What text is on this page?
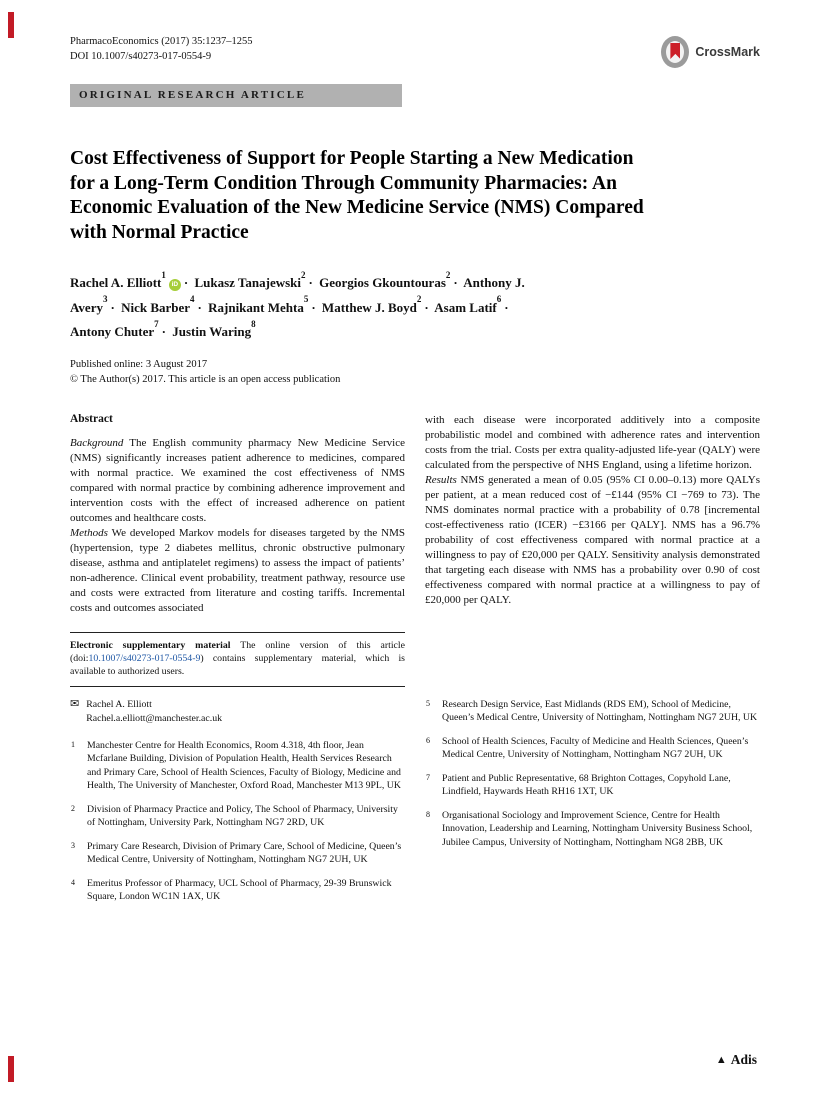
PharmacoEconomics (2017) 35:1237–1255
DOI 10.1007/s40273-017-0554-9	CrossMark
ORIGINAL RESEARCH ARTICLE
Cost Effectiveness of Support for People Starting a New Medication for a Long-Term Condition Through Community Pharmacies: An Economic Evaluation of the New Medicine Service (NMS) Compared with Normal Practice
Rachel A. Elliott$^1$iD · Lukasz Tanajewski$^2$· Georgios Gkountouras$^2$· Anthony J. Avery$^3$· Nick Barber$^4$· Rajnikant Mehta$^5$· Matthew J. Boyd$^2$· Asam Latif$^6$· Antony Chuter$^7$· Justin Waring$^8$
Published online: 3 August 2017
© The Author(s) 2017. This article is an open access publication
Abstract

Background The English community pharmacy New Medicine Service (NMS) significantly increases patient adherence to medicines, compared with normal practice. We examined the cost effectiveness of NMS compared with normal practice by combining adherence improvement and intervention costs with the effect of increased adherence on patient outcomes and healthcare costs.

Methods We developed Markov models for diseases targeted by the NMS (hypertension, type 2 diabetes mellitus, chronic obstructive pulmonary disease, asthma and antiplatelet regimens) to assess the impact of patients’ non-adherence. Clinical event probability, treatment pathway, resource use and costs were extracted from literature and costing tariffs. Incremental costs and outcomes associated

with each disease were incorporated additively into a composite probabilistic model and combined with adherence rates and intervention costs from the trial. Costs per extra quality-adjusted life-year (QALY) were calculated from the perspective of NHS England, using a lifetime horizon.

Results NMS generated a mean of 0.05 (95% CI 0.00–0.13) more QALYs per patient, at a mean reduced cost of −£144 (95% CI −769 to 73). The NMS dominates normal practice with a probability of 0.78 [incremental cost-effectiveness ratio (ICER) −£3166 per QALY]. NMS has a 96.7% probability of cost effectiveness compared with normal practice at a willingness to pay of £20,000 per QALY. Sensitivity analysis demonstrated that targeting each disease with NMS has a probability over 0.90 of cost effectiveness compared with normal practice at a willingness to pay of £20,000 per QALY.

Electronic supplementary material The online version of this article (doi:10.1007/s40273-017-0554-9) contains supplementary material, which is available to authorized users.
✉ Rachel A. Elliott
Rachel.a.elliott@manchester.ac.uk
1	Manchester Centre for Health Economics, Room 4.318, 4th floor, Jean Mcfarlane Building, Division of Population Health, Health Services Research and Primary Care, School of Health Sciences, Faculty of Biology, Medicine and Health, The University of Manchester, Oxford Road, Manchester M13 9PL, UK
2	Division of Pharmacy Practice and Policy, The School of Pharmacy, University of Nottingham, University Park, Nottingham NG7 2RD, UK
3	Primary Care Research, Division of Primary Care, School of Medicine, Queen’s Medical Centre, University of Nottingham, Nottingham NG7 2UH, UK
4	Emeritus Professor of Pharmacy, UCL School of Pharmacy, 29-39 Brunswick Square, London WC1N 1AX, UK
5	Research Design Service, East Midlands (RDS EM), School of Medicine, Queen’s Medical Centre, University of Nottingham, Nottingham NG7 2UH, UK
6	School of Health Sciences, Faculty of Medicine and Health Sciences, Queen’s Medical Centre, University of Nottingham, Nottingham NG7 2UH, UK
7	Patient and Public Representative, 68 Brighton Cottages, Copyhold Lane, Lindfield, Haywards Heath RH16 1XT, UK
8	Organisational Sociology and Improvement Science, Centre for Health Innovation, Leadership and Learning, Nottingham University Business School, Jubilee Campus, University of Nottingham, Nottingham NG8 2BB, UK
▲ Adis
